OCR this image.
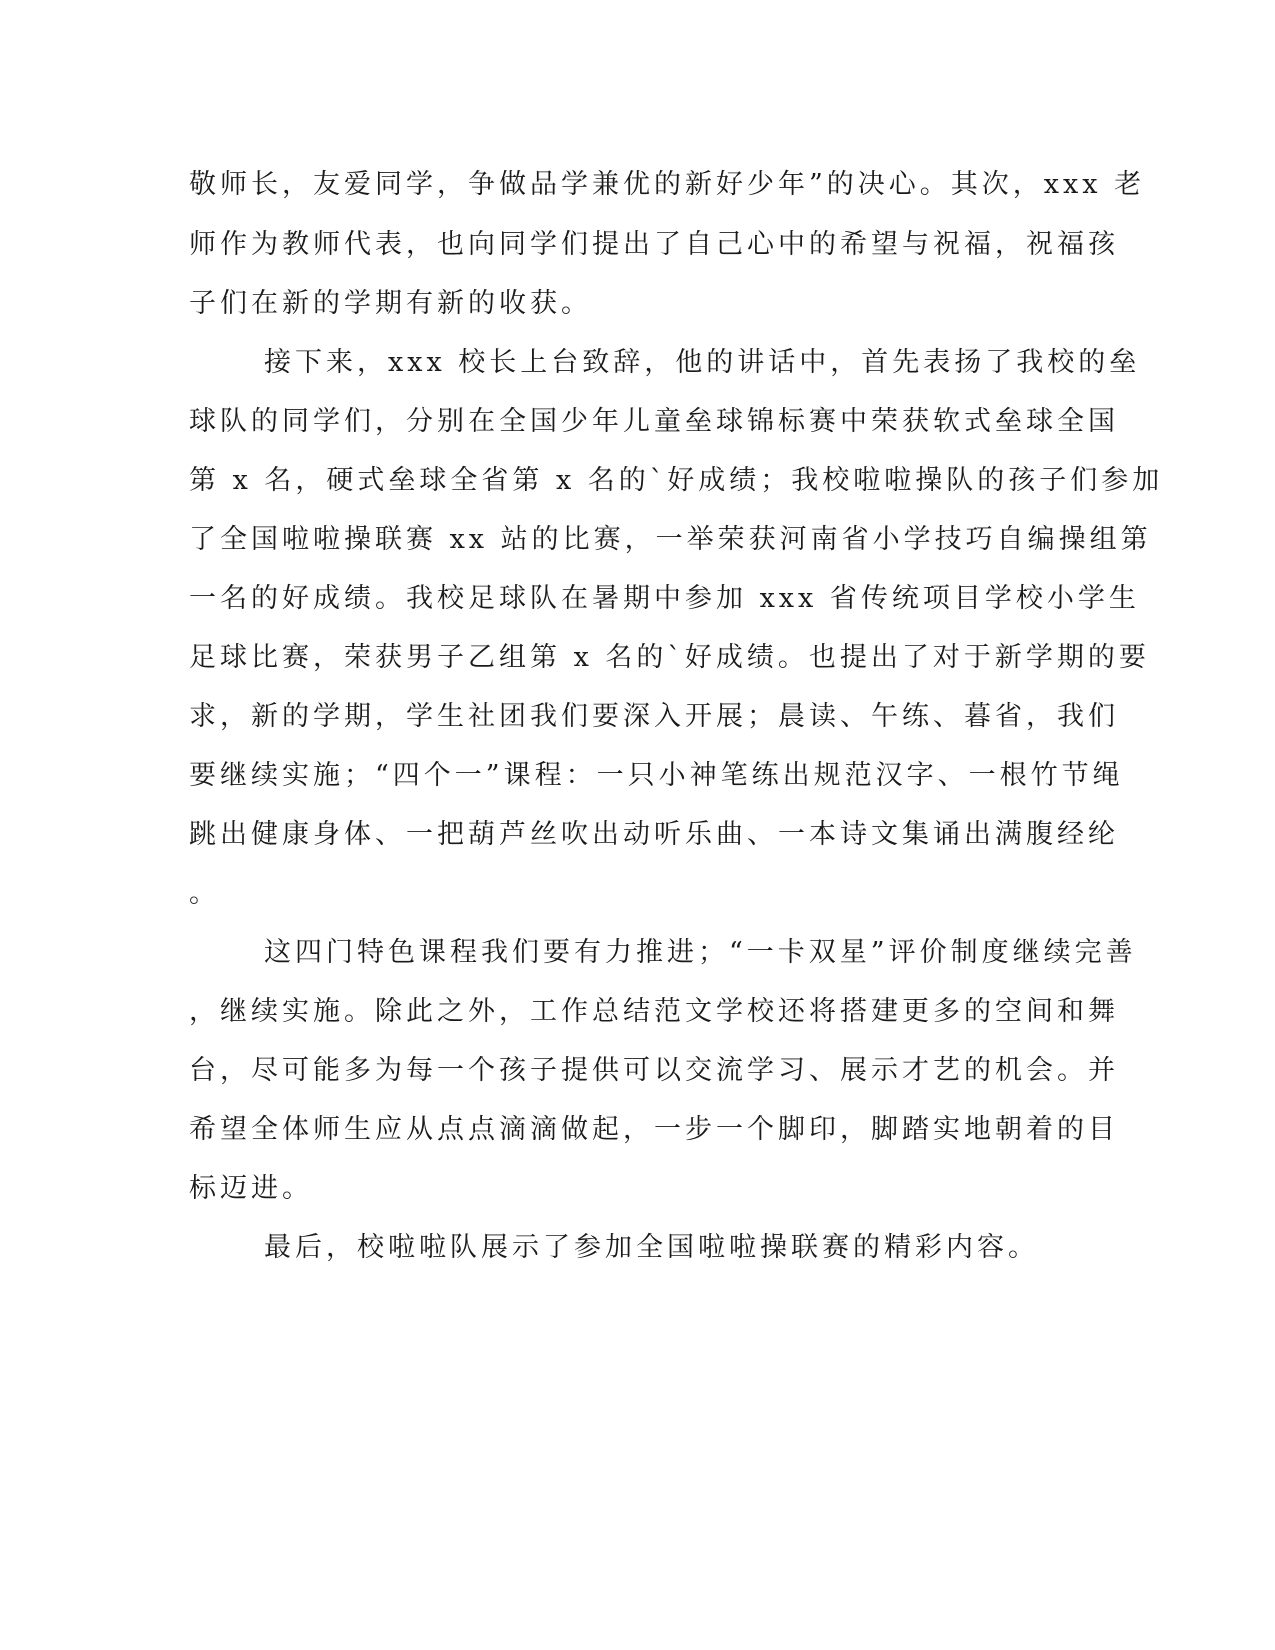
敬师长，友爱同学，争做品学兼优的新好少年”的决心。其次，xxx 老
师作为教师代表，也向同学们提出了自己心中的希望与祝福，祝福孩
子们在新的学期有新的收获。
接下来，xxx 校长上台致辞，他的讲话中，首先表扬了我校的垒
球队的同学们，分别在全国少年儿童垒球锦标赛中荣获软式垒球全国
第 x 名，硬式垒球全省第 x 名的`好成绩；我校啦啦操队的孩子们参加
了全国啦啦操联赛 xx 站的比赛，一举荣获河南省小学技巧自编操组第
一名的好成绩。我校足球队在暑期中参加 xxx 省传统项目学校小学生
足球比赛，荣获男子乙组第 x 名的`好成绩。也提出了对于新学期的要
求，新的学期，学生社团我们要深入开展；晨读、午练、暮省，我们
要继续实施；“四个一”课程：一只小神笔练出规范汉字、一根竹节绳
跳出健康身体、一把葫芦丝吹出动听乐曲、一本诗文集诵出满腹经纶
。
这四门特色课程我们要有力推进；“一卡双星”评价制度继续完善
，继续实施。除此之外，工作总结范文学校还将搭建更多的空间和舞
台，尽可能多为每一个孩子提供可以交流学习、展示才艺的机会。并
希望全体师生应从点点滴滴做起，一步一个脚印，脚踏实地朝着的目
标迈进。
最后，校啦啦队展示了参加全国啦啦操联赛的精彩内容。
